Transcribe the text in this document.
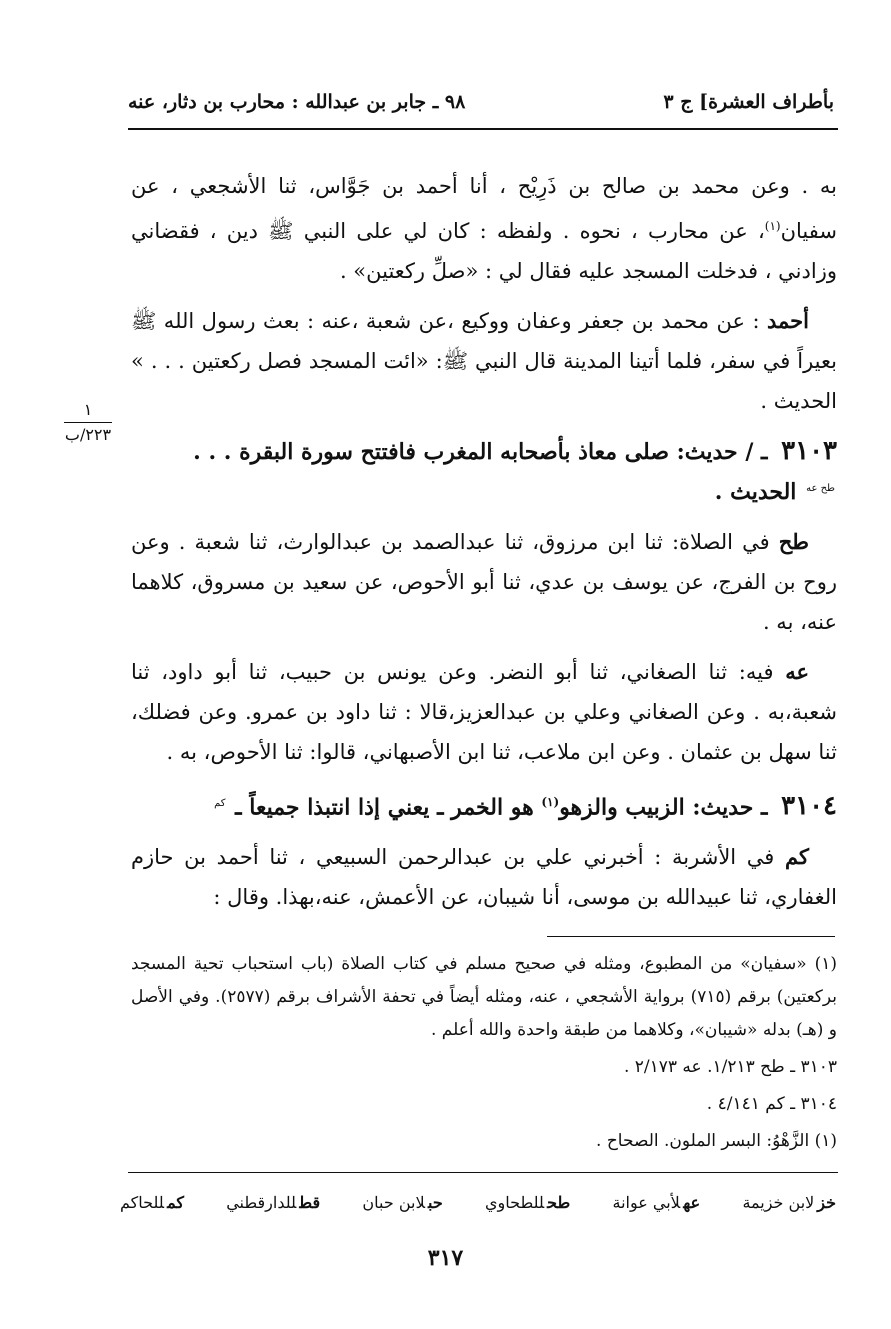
بأطراف العشرة] ج ٣
٩٨ ـ جابر بن عبدالله : محارب بن دثار، عنه
١
٢٢٣/ب

به . وعن محمد بن صالح بن ذَرِيْح ، أنا أحمد بن جَوَّاس، ثنا الأشجعي ، عن سفيان$^{(١)}$، عن محارب ، نحوه . ولفظه : كان لي على النبي ﷺ دين ، فقضاني وزادني ، فدخلت المسجد عليه فقال لي : «صلِّ ركعتين» .

أحمد : عن محمد بن جعفر وعفان ووكيع ،عن شعبة ،عنه : بعث رسول الله ﷺ بعيراً في سفر، فلما أتينا المدينة قال النبي ﷺ: «ائت المسجد فصل ركعتين . . . » الحديث .

٣١٠٣ ـ / حديث: صلى معاذ بأصحابه المغرب فافتتح سورة البقرة . . .
طح عه الحديث .

طح في الصلاة: ثنا ابن مرزوق، ثنا عبدالصمد بن عبدالوارث، ثنا شعبة . وعن روح بن الفرج، عن يوسف بن عدي، ثنا أبو الأحوص، عن سعيد بن مسروق، كلاهما عنه، به .

عه فيه: ثنا الصغاني، ثنا أبو النضر. وعن يونس بن حبيب، ثنا أبو داود، ثنا شعبة،به . وعن الصغاني وعلي بن عبدالعزيز،قالا : ثنا داود بن عمرو. وعن فضلك، ثنا سهل بن عثمان . وعن ابن ملاعب، ثنا ابن الأصبهاني، قالوا: ثنا الأحوص، به .

٣١٠٤ ـ حديث: الزبيب والزهو$^{(١)}$ هو الخمر ـ يعني إذا انتبذا جميعاً ـ كم

كم في الأشربة : أخبرني علي بن عبدالرحمن السبيعي ، ثنا أحمد بن حازم الغفاري، ثنا عبيدالله بن موسى، أنا شيبان، عن الأعمش، عنه،بهذا. وقال :

(١) «سفيان» من المطبوع، ومثله في صحيح مسلم في كتاب الصلاة (باب استحباب تحية المسجد بركعتين) برقم (٧١٥) برواية الأشجعي ، عنه، ومثله أيضاً في تحفة الأشراف برقم (٢٥٧٧). وفي الأصل و (هـ) بدله «شيبان»، وكلاهما من طبقة واحدة والله أعلم .

٣١٠٣ ـ طح ١/٢١٣. عه ٢/١٧٣ .

٣١٠٤ ـ كم ٤/١٤١ .

(١) الزَّهْوُ: البسر الملون. الصحاح .

خزلابن خزيمة
عهلأبي عوانة
طحللطحاوي
حبلابن حبان
قطللدارقطني
كمللحاكم
٣١٧
